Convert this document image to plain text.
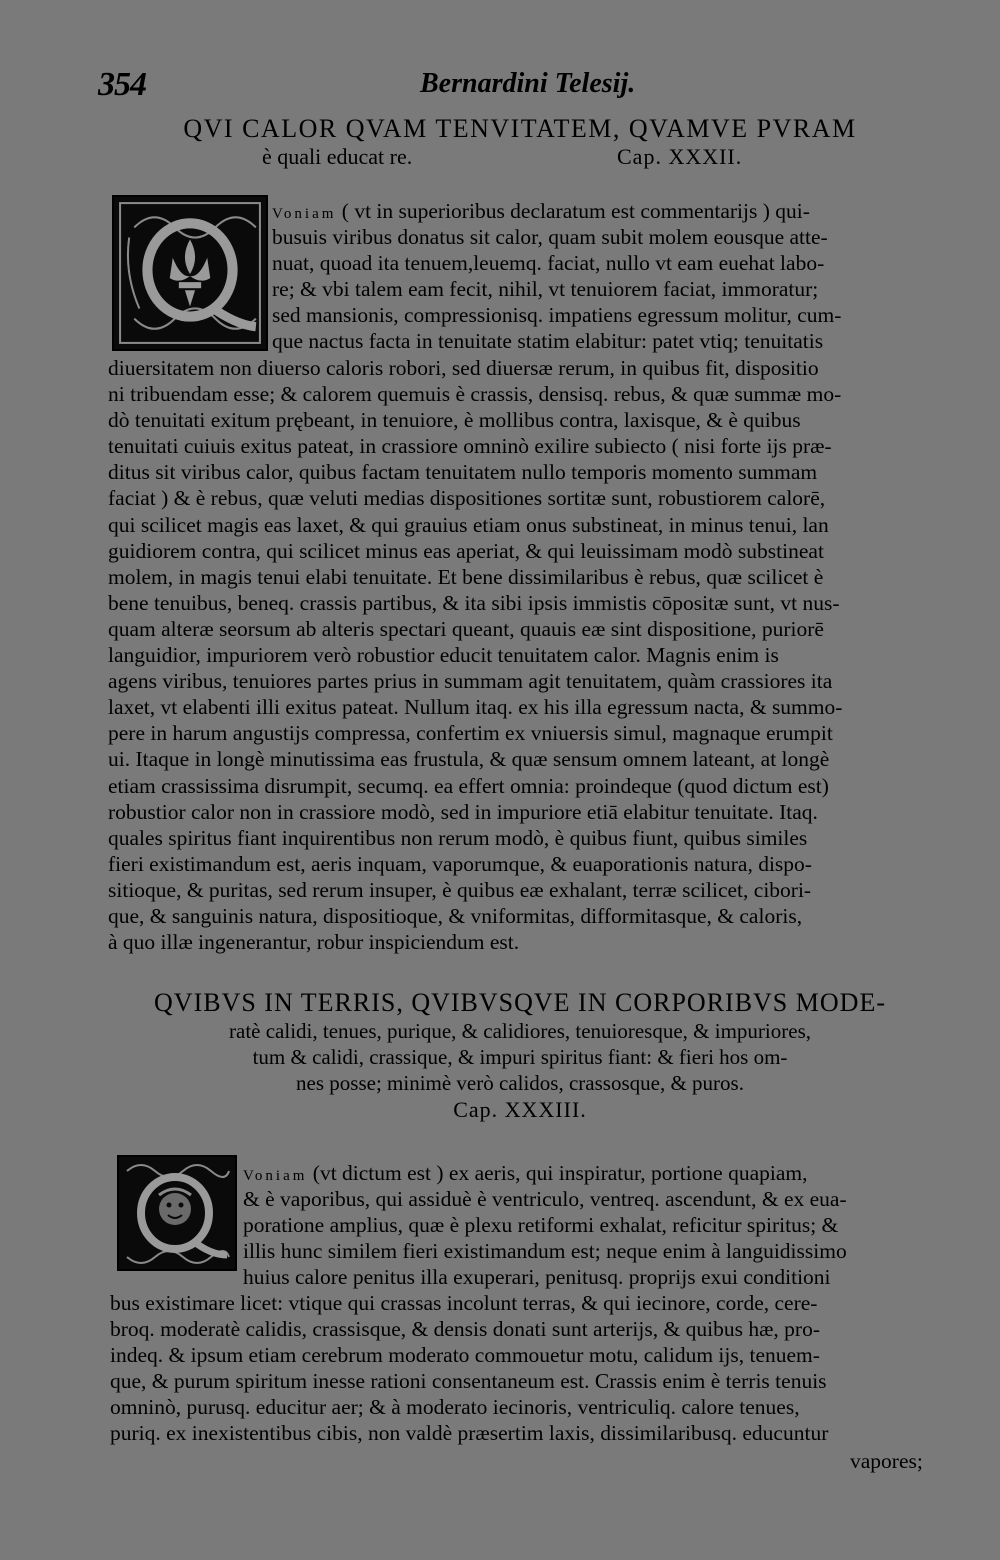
354	Bernardini Telesij.
QVI CALOR QVAM TENVITATEM, QVAMVE PVRAM
è quali educat re.	Cap. XXXII.
Voniam ( vt in superioribus declaratum est commentarijs ) qui-
busuis viribus donatus sit calor, quam subit molem eousque atte-
nuat, quoad ita tenuem,leuemq. faciat, nullo vt eam euehat labo-
re; & vbi talem eam fecit, nihil, vt tenuiorem faciat, immoratur;
sed mansionis, compressionisq. impatiens egressum molitur, cum-
que nactus facta in tenuitate statim elabitur: patet vtiq; tenuitatis
diuersitatem non diuerso caloris robori, sed diuersæ rerum, in quibus fit, dispositio
ni tribuendam esse; & calorem quemuis è crassis, densisq. rebus, & quæ summæ mo-
dò tenuitati exitum prębeant, in tenuiore, è mollibus contra, laxisque, & è quibus
tenuitati cuiuis exitus pateat, in crassiore omninò exilire subiecto ( nisi forte ijs præ-
ditus sit viribus calor, quibus factam tenuitatem nullo temporis momento summam
faciat ) & è rebus, quæ veluti medias dispositiones sortitæ sunt, robustiorem calorē,
qui scilicet magis eas laxet, & qui grauius etiam onus substineat, in minus tenui, lan
guidiorem contra, qui scilicet minus eas aperiat, & qui leuissimam modò substineat
molem, in magis tenui elabi tenuitate. Et bene dissimilaribus è rebus, quæ scilicet è
bene tenuibus, beneq. crassis partibus, & ita sibi ipsis immistis cōpositæ sunt, vt nus-
quam alteræ seorsum ab alteris spectari queant, quauis eæ sint dispositione, puriorē
languidior, impuriorem verò robustior educit tenuitatem calor. Magnis enim is
agens viribus, tenuiores partes prius in summam agit tenuitatem, quàm crassiores ita
laxet, vt elabenti illi exitus pateat. Nullum itaq. ex his illa egressum nacta, & summo-
pere in harum angustijs compressa, confertim ex vniuersis simul, magnaque erumpit
ui. Itaque in longè minutissima eas frustula, & quæ sensum omnem lateant, at longè
etiam crassissima disrumpit, secumq. ea effert omnia: proindeque (quod dictum est)
robustior calor non in crassiore modò, sed in impuriore etiā elabitur tenuitate. Itaq.
quales spiritus fiant inquirentibus non rerum modò, è quibus fiunt, quibus similes
fieri existimandum est, aeris inquam, vaporumque, & euaporationis natura, dispo-
sitioque, & puritas, sed rerum insuper, è quibus eæ exhalant, terræ scilicet, cibori-
que, & sanguinis natura, dispositioque, & vniformitas, difformitasque, & caloris,
à quo illæ ingenerantur, robur inspiciendum est.
QVIBVS IN TERRIS, QVIBVSQVE IN CORPORIBVS MODE-
ratè calidi, tenues, purique, & calidiores, tenuioresque, & impuriores,
tum & calidi, crassique, & impuri spiritus fiant: & fieri hos om-
nes posse; minimè verò calidos, crassosque, & puros.
Cap. XXXIII.
Voniam (vt dictum est ) ex aeris, qui inspiratur, portione quapiam,
& è vaporibus, qui assiduè è ventriculo, ventreq. ascendunt, & ex eua-
poratione amplius, quæ è plexu retiformi exhalat, reficitur spiritus; &
illis hunc similem fieri existimandum est; neque enim à languidissimo
huius calore penitus illa exuperari, penitusq. proprijs exui conditioni
bus existimare licet: vtique qui crassas incolunt terras, & qui iecinore, corde, cere-
broq. moderatè calidis, crassisque, & densis donati sunt arterijs, & quibus hæ, pro-
indeq. & ipsum etiam cerebrum moderato commouetur motu, calidum ijs, tenuem-
que, & purum spiritum inesse rationi consentaneum est. Crassis enim è terris tenuis
omninò, purusq. educitur aer; & à moderato iecinoris, ventriculiq. calore tenues,
puriq. ex inexistentibus cibis, non valdè præsertim laxis, dissimilaribusq. educuntur
vapores;
